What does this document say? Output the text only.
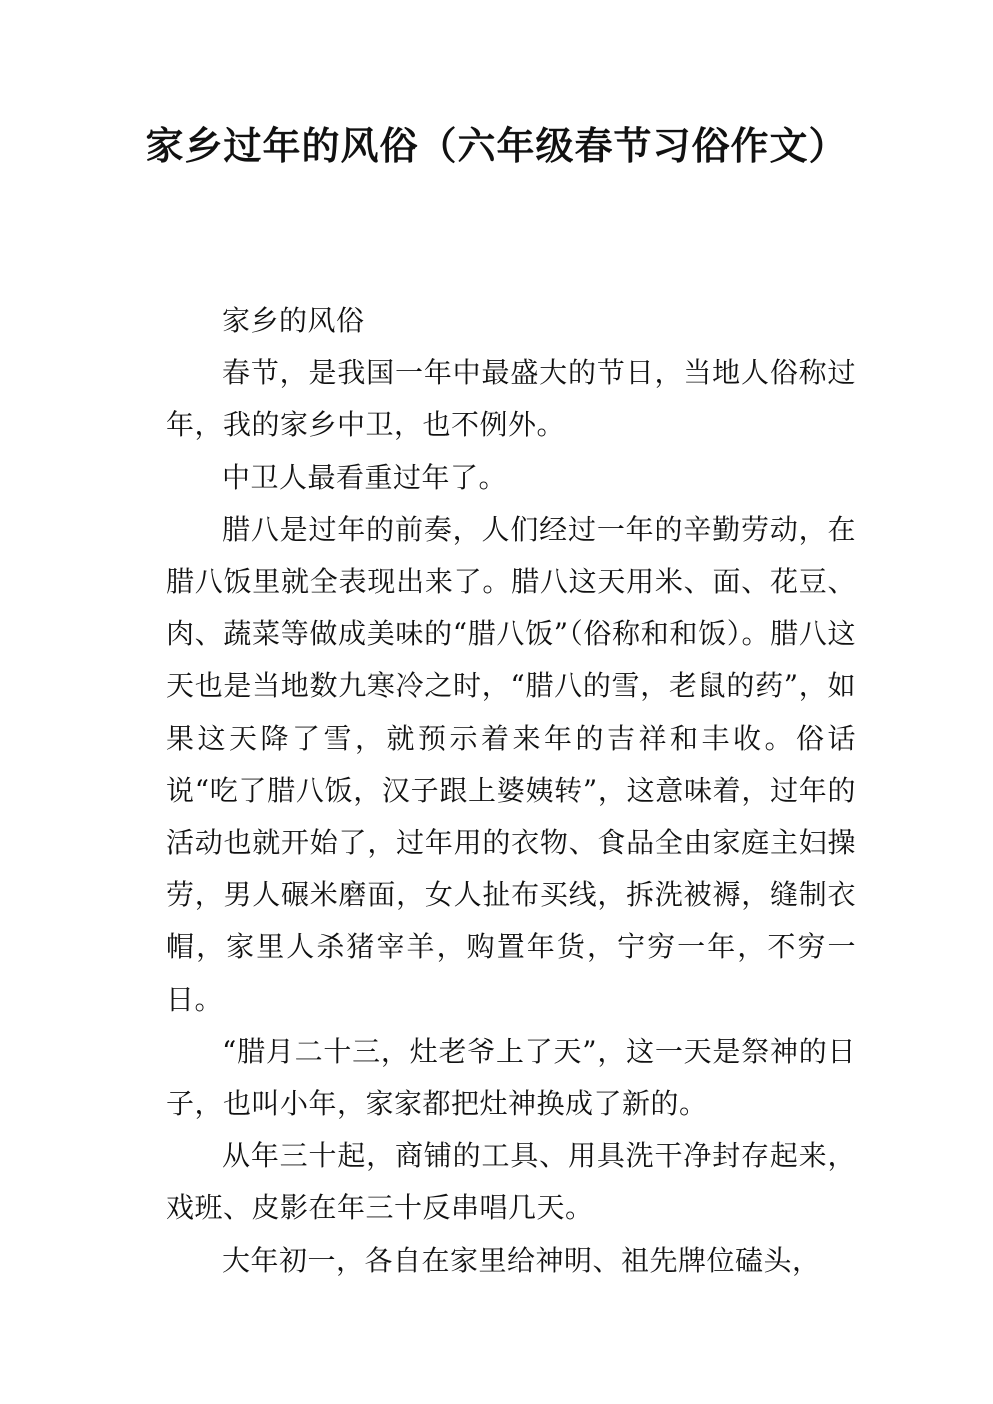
家乡过年的风俗（六年级春节习俗作文）

家乡的风俗

春节，是我国一年中最盛大的节日，当地人俗称过年，我的家乡中卫，也不例外。

中卫人最看重过年了。

腊八是过年的前奏，人们经过一年的辛勤劳动，在腊八饭里就全表现出来了。腊八这天用米、面、花豆、肉、蔬菜等做成美味的“腊八饭”（俗称和和饭）。腊八这天也是当地数九寒冷之时，“腊八的雪，老鼠的药”，如果这天降了雪，就预示着来年的吉祥和丰收。俗话说“吃了腊八饭，汉子跟上婆姨转”，这意味着，过年的活动也就开始了，过年用的衣物、食品全由家庭主妇操劳，男人碾米磨面，女人扯布买线，拆洗被褥，缝制衣帽，家里人杀猪宰羊，购置年货，宁穷一年，不穷一日。

“腊月二十三，灶老爷上了天”，这一天是祭神的日子，也叫小年，家家都把灶神换成了新的。

从年三十起，商铺的工具、用具洗干净封存起来，戏班、皮影在年三十反串唱几天。

大年初一，各自在家里给神明、祖先牌位磕头，
